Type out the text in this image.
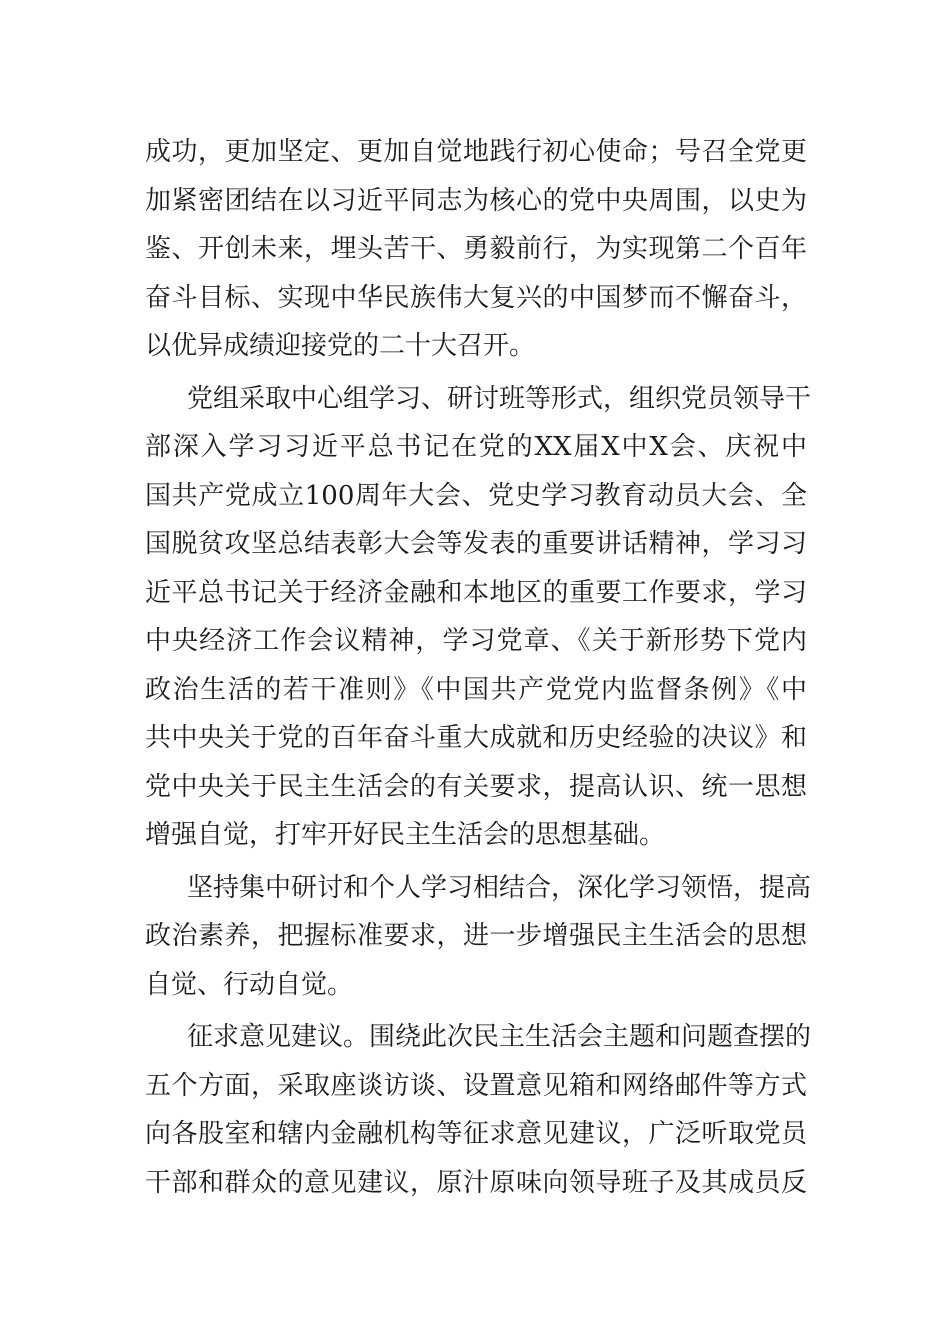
成功，更加坚定、更加自觉地践行初心使命；号召全党更
加紧密团结在以习近平同志为核心的党中央周围，以史为
鉴、开创未来，埋头苦干、勇毅前行，为实现第二个百年
奋斗目标、实现中华民族伟大复兴的中国梦而不懈奋斗，
以优异成绩迎接党的二十大召开。
党组采取中心组学习、研讨班等形式，组织党员领导干
部深入学习习近平总书记在党的XX届X中X会、庆祝中
国共产党成立100周年大会、党史学习教育动员大会、全
国脱贫攻坚总结表彰大会等发表的重要讲话精神，学习习
近平总书记关于经济金融和本地区的重要工作要求，学习
中央经济工作会议精神，学习党章、《关于新形势下党内
政治生活的若干准则》《中国共产党党内监督条例》《中
共中央关于党的百年奋斗重大成就和历史经验的决议》和
党中央关于民主生活会的有关要求，提高认识、统一思想
增强自觉，打牢开好民主生活会的思想基础。
坚持集中研讨和个人学习相结合，深化学习领悟，提高
政治素养，把握标准要求，进一步增强民主生活会的思想
自觉、行动自觉。
征求意见建议。围绕此次民主生活会主题和问题查摆的
五个方面，采取座谈访谈、设置意见箱和网络邮件等方式
向各股室和辖内金融机构等征求意见建议，广泛听取党员
干部和群众的意见建议，原汁原味向领导班子及其成员反
